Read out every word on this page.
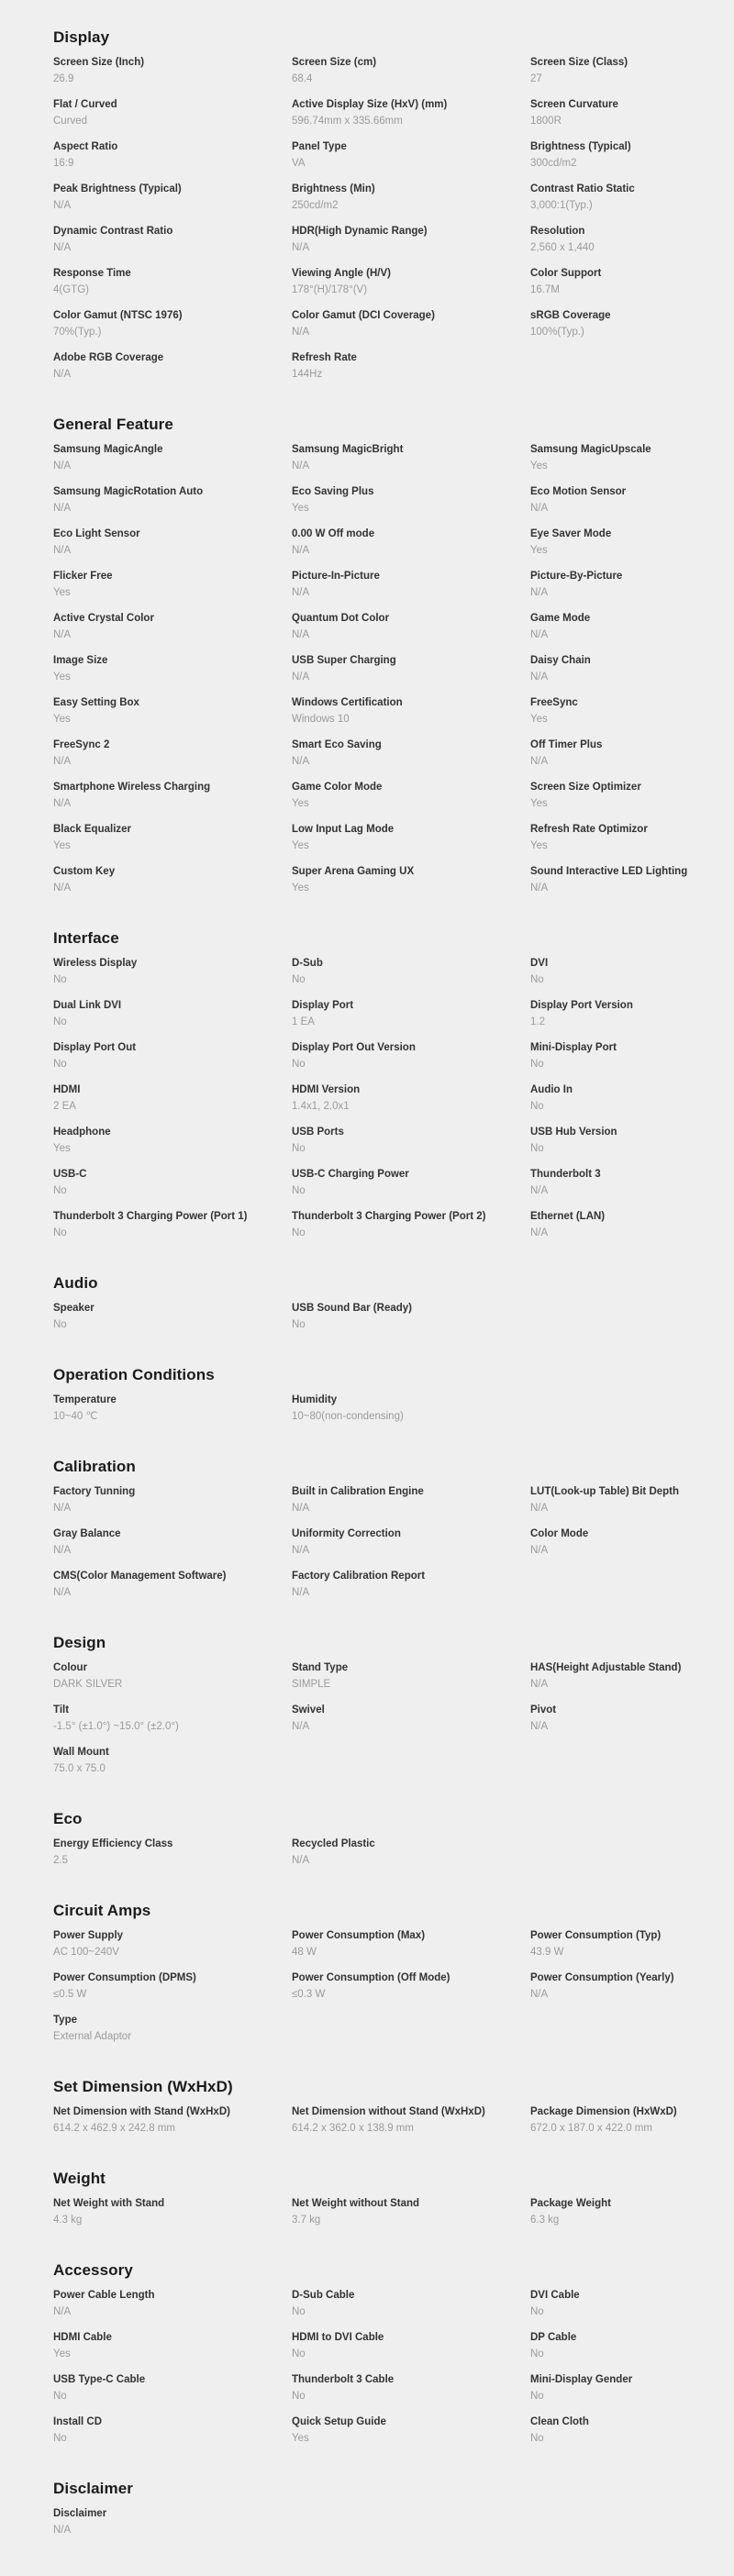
Display
Screen Size (Inch)
26.9
Screen Size (cm)
68.4
Screen Size (Class)
27
Flat / Curved
Curved
Active Display Size (HxV) (mm)
596.74mm x 335.66mm
Screen Curvature
1800R
Aspect Ratio
16:9
Panel Type
VA
Brightness (Typical)
300cd/m2
Peak Brightness (Typical)
N/A
Brightness (Min)
250cd/m2
Contrast Ratio Static
3,000:1(Typ.)
Dynamic Contrast Ratio
N/A
HDR(High Dynamic Range)
N/A
Resolution
2,560 x 1,440
Response Time
4(GTG)
Viewing Angle (H/V)
178°(H)/178°(V)
Color Support
16.7M
Color Gamut (NTSC 1976)
70%(Typ.)
Color Gamut (DCI Coverage)
N/A
sRGB Coverage
100%(Typ.)
Adobe RGB Coverage
N/A
Refresh Rate
144Hz
General Feature
Samsung MagicAngle
N/A
Samsung MagicBright
N/A
Samsung MagicUpscale
Yes
Samsung MagicRotation Auto
N/A
Eco Saving Plus
Yes
Eco Motion Sensor
N/A
Eco Light Sensor
N/A
0.00 W Off mode
N/A
Eye Saver Mode
Yes
Flicker Free
Yes
Picture-In-Picture
N/A
Picture-By-Picture
N/A
Active Crystal Color
N/A
Quantum Dot Color
N/A
Game Mode
N/A
Image Size
Yes
USB Super Charging
N/A
Daisy Chain
N/A
Easy Setting Box
Yes
Windows Certification
Windows 10
FreeSync
Yes
FreeSync 2
N/A
Smart Eco Saving
N/A
Off Timer Plus
N/A
Smartphone Wireless Charging
N/A
Game Color Mode
Yes
Screen Size Optimizer
Yes
Black Equalizer
Yes
Low Input Lag Mode
Yes
Refresh Rate Optimizor
Yes
Custom Key
N/A
Super Arena Gaming UX
Yes
Sound Interactive LED Lighting
N/A
Interface
Wireless Display
No
D-Sub
No
DVI
No
Dual Link DVI
No
Display Port
1 EA
Display Port Version
1.2
Display Port Out
No
Display Port Out Version
No
Mini-Display Port
No
HDMI
2 EA
HDMI Version
1.4x1, 2.0x1
Audio In
No
Headphone
Yes
USB Ports
No
USB Hub Version
No
USB-C
No
USB-C Charging Power
No
Thunderbolt 3
N/A
Thunderbolt 3 Charging Power (Port 1)
No
Thunderbolt 3 Charging Power (Port 2)
No
Ethernet (LAN)
N/A
Audio
Speaker
No
USB Sound Bar (Ready)
No
Operation Conditions
Temperature
10~40 ℃
Humidity
10~80(non-condensing)
Calibration
Factory Tunning
N/A
Built in Calibration Engine
N/A
LUT(Look-up Table) Bit Depth
N/A
Gray Balance
N/A
Uniformity Correction
N/A
Color Mode
N/A
CMS(Color Management Software)
N/A
Factory Calibration Report
N/A
Design
Colour
DARK SILVER
Stand Type
SIMPLE
HAS(Height Adjustable Stand)
N/A
Tilt
-1.5° (±1.0°) ~15.0° (±2.0°)
Swivel
N/A
Pivot
N/A
Wall Mount
75.0 x 75.0
Eco
Energy Efficiency Class
2.5
Recycled Plastic
N/A
Circuit Amps
Power Supply
AC 100~240V
Power Consumption (Max)
48 W
Power Consumption (Typ)
43.9 W
Power Consumption (DPMS)
≤0.5 W
Power Consumption (Off Mode)
≤0.3 W
Power Consumption (Yearly)
N/A
Type
External Adaptor
Set Dimension (WxHxD)
Net Dimension with Stand (WxHxD)
614.2 x 462.9 x 242.8 mm
Net Dimension without Stand (WxHxD)
614.2 x 362.0 x 138.9 mm
Package Dimension (HxWxD)
672.0 x 187.0 x 422.0 mm
Weight
Net Weight with Stand
4.3 kg
Net Weight without Stand
3.7 kg
Package Weight
6.3 kg
Accessory
Power Cable Length
N/A
D-Sub Cable
No
DVI Cable
No
HDMI Cable
Yes
HDMI to DVI Cable
No
DP Cable
No
USB Type-C Cable
No
Thunderbolt 3 Cable
No
Mini-Display Gender
No
Install CD
No
Quick Setup Guide
Yes
Clean Cloth
No
Disclaimer
Disclaimer
N/A
